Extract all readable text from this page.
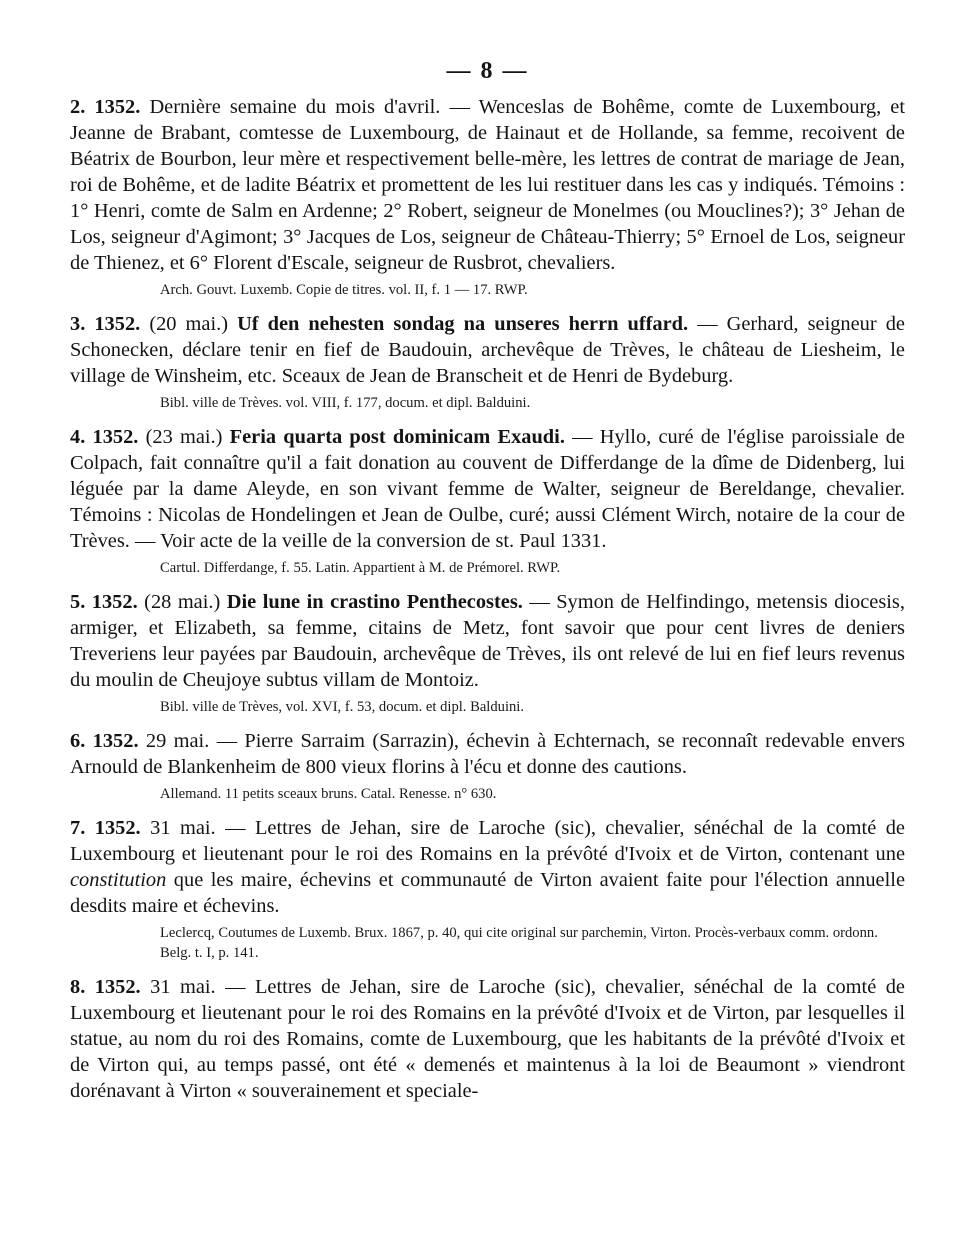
— 8 —

2. 1352. Dernière semaine du mois d'avril. — Wenceslas de Bohême, comte de Luxembourg, et Jeanne de Brabant, comtesse de Luxembourg, de Hainaut et de Hollande, sa femme, recoivent de Béatrix de Bourbon, leur mère et respectivement belle-mère, les lettres de contrat de mariage de Jean, roi de Bohême, et de ladite Béatrix et promettent de les lui restituer dans les cas y indiqués. Témoins : 1° Henri, comte de Salm en Ardenne; 2° Robert, seigneur de Monelmes (ou Mouclines?); 3° Jehan de Los, seigneur d'Agimont; 3° Jacques de Los, seigneur de Château-Thierry; 5° Ernoel de Los, seigneur de Thienez, et 6° Florent d'Escale, seigneur de Rusbrot, chevaliers.

Arch. Gouvt. Luxemb. Copie de titres. vol. II, f. 1 — 17. RWP.

3. 1352. (20 mai.) Uf den nehesten sondag na unseres herrn uffard. — Gerhard, seigneur de Schonecken, déclare tenir en fief de Baudouin, archevêque de Trèves, le château de Liesheim, le village de Winsheim, etc. Sceaux de Jean de Branscheit et de Henri de Bydeburg.

Bibl. ville de Trèves. vol. VIII, f. 177, docum. et dipl. Balduini.

4. 1352. (23 mai.) Feria quarta post dominicam Exaudi. — Hyllo, curé de l'église paroissiale de Colpach, fait connaître qu'il a fait donation au couvent de Differdange de la dîme de Didenberg, lui léguée par la dame Aleyde, en son vivant femme de Walter, seigneur de Bereldange, chevalier. Témoins : Nicolas de Hondelingen et Jean de Oulbe, curé; aussi Clément Wirch, notaire de la cour de Trèves. — Voir acte de la veille de la conversion de st. Paul 1331.

Cartul. Differdange, f. 55. Latin. Appartient à M. de Prémorel. RWP.

5. 1352. (28 mai.) Die lune in crastino Penthecostes. — Symon de Helfindingo, metensis diocesis, armiger, et Elizabeth, sa femme, citains de Metz, font savoir que pour cent livres de deniers Treveriens leur payées par Baudouin, archevêque de Trèves, ils ont relevé de lui en fief leurs revenus du moulin de Cheujoye subtus villam de Montoiz.

Bibl. ville de Trèves, vol. XVI, f. 53, docum. et dipl. Balduini.

6. 1352. 29 mai. — Pierre Sarraim (Sarrazin), échevin à Echternach, se reconnaît redevable envers Arnould de Blankenheim de 800 vieux florins à l'écu et donne des cautions.

Allemand. 11 petits sceaux bruns. Catal. Renesse. n° 630.

7. 1352. 31 mai. — Lettres de Jehan, sire de Laroche (sic), chevalier, sénéchal de la comté de Luxembourg et lieutenant pour le roi des Romains en la prévôté d'Ivoix et de Virton, contenant une constitution que les maire, échevins et communauté de Virton avaient faite pour l'élection annuelle desdits maire et échevins.

Leclercq, Coutumes de Luxemb. Brux. 1867, p. 40, qui cite original sur parchemin, Virton. Procès-verbaux comm. ordonn. Belg. t. I, p. 141.

8. 1352. 31 mai. — Lettres de Jehan, sire de Laroche (sic), chevalier, sénéchal de la comté de Luxembourg et lieutenant pour le roi des Romains en la prévôté d'Ivoix et de Virton, par lesquelles il statue, au nom du roi des Romains, comte de Luxembourg, que les habitants de la prévôté d'Ivoix et de Virton qui, au temps passé, ont été « demenés et maintenus à la loi de Beaumont » viendront dorénavant à Virton « souverainement et speciale-
